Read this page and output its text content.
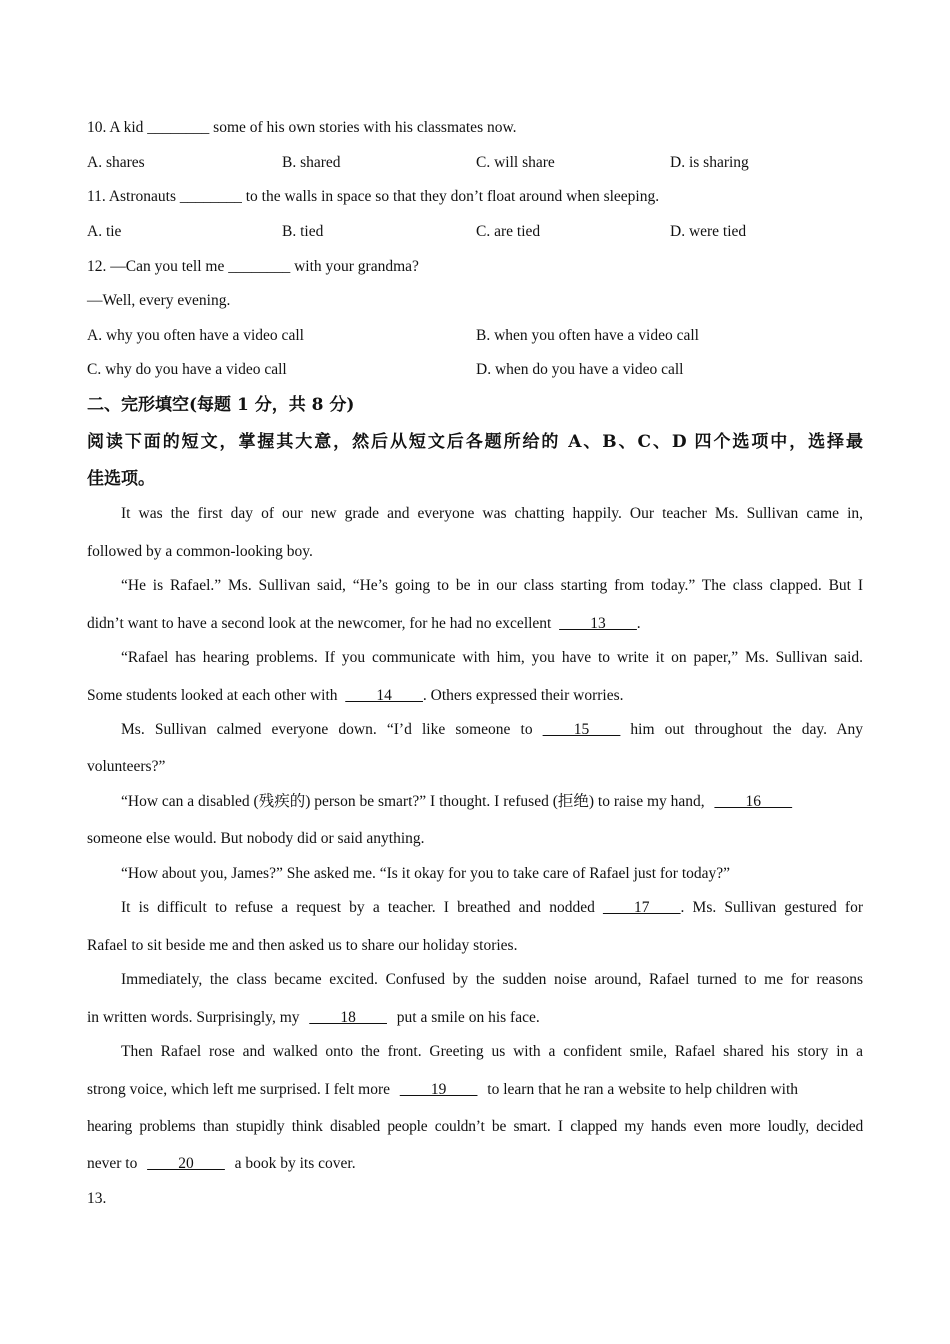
10. A kid ________ some of his own stories with his classmates now.
A. shares	B. shared	C. will share	D. is sharing
11. Astronauts ________ to the walls in space so that they don’t float around when sleeping.
A. tie	B. tied	C. are tied	D. were tied
12. —Can you tell me ________ with your grandma?
—Well, every evening.
A. why you often have a video call	B. when you often have a video call
C. why do you have a video call	D. when do you have a video call
二、完形填空(每题 1 分，共 8 分)
阅读下面的短文，掌握其大意，然后从短文后各题所给的 A、B、C、D 四个选项中，选择最
佳选项。
It was the first day of our new grade and everyone was chatting happily. Our teacher Ms. Sullivan came in,
followed by a common-looking boy.
“He is Rafael.” Ms. Sullivan said, “He’s going to be in our class starting from today.” The class clapped. But I
didn’t want to have a second look at the newcomer, for he had no excellent ____13____.
“Rafael has hearing problems. If you communicate with him, you have to write it on paper,” Ms. Sullivan said.
Some students looked at each other with ____14____. Others expressed their worries.
Ms. Sullivan calmed everyone down. “I’d like someone to ____15____ him out throughout the day. Any
volunteers?”
“How can a disabled (残疾的) person be smart?” I thought. I refused (拒绝) to raise my hand, ____16____
someone else would. But nobody did or said anything.
“How about you, James?” She asked me. “Is it okay for you to take care of Rafael just for today?”
It is difficult to refuse a request by a teacher. I breathed and nodded ____17____. Ms. Sullivan gestured for
Rafael to sit beside me and then asked us to share our holiday stories.
Immediately, the class became excited. Confused by the sudden noise around, Rafael turned to me for reasons
in written words. Surprisingly, my ____18____ put a smile on his face.
Then Rafael rose and walked onto the front. Greeting us with a confident smile, Rafael shared his story in a
strong voice, which left me surprised. I felt more ____19____ to learn that he ran a website to help children with
hearing problems than stupidly think disabled people couldn’t be smart. I clapped my hands even more loudly, decided
never to ____20____ a book by its cover.
13.
